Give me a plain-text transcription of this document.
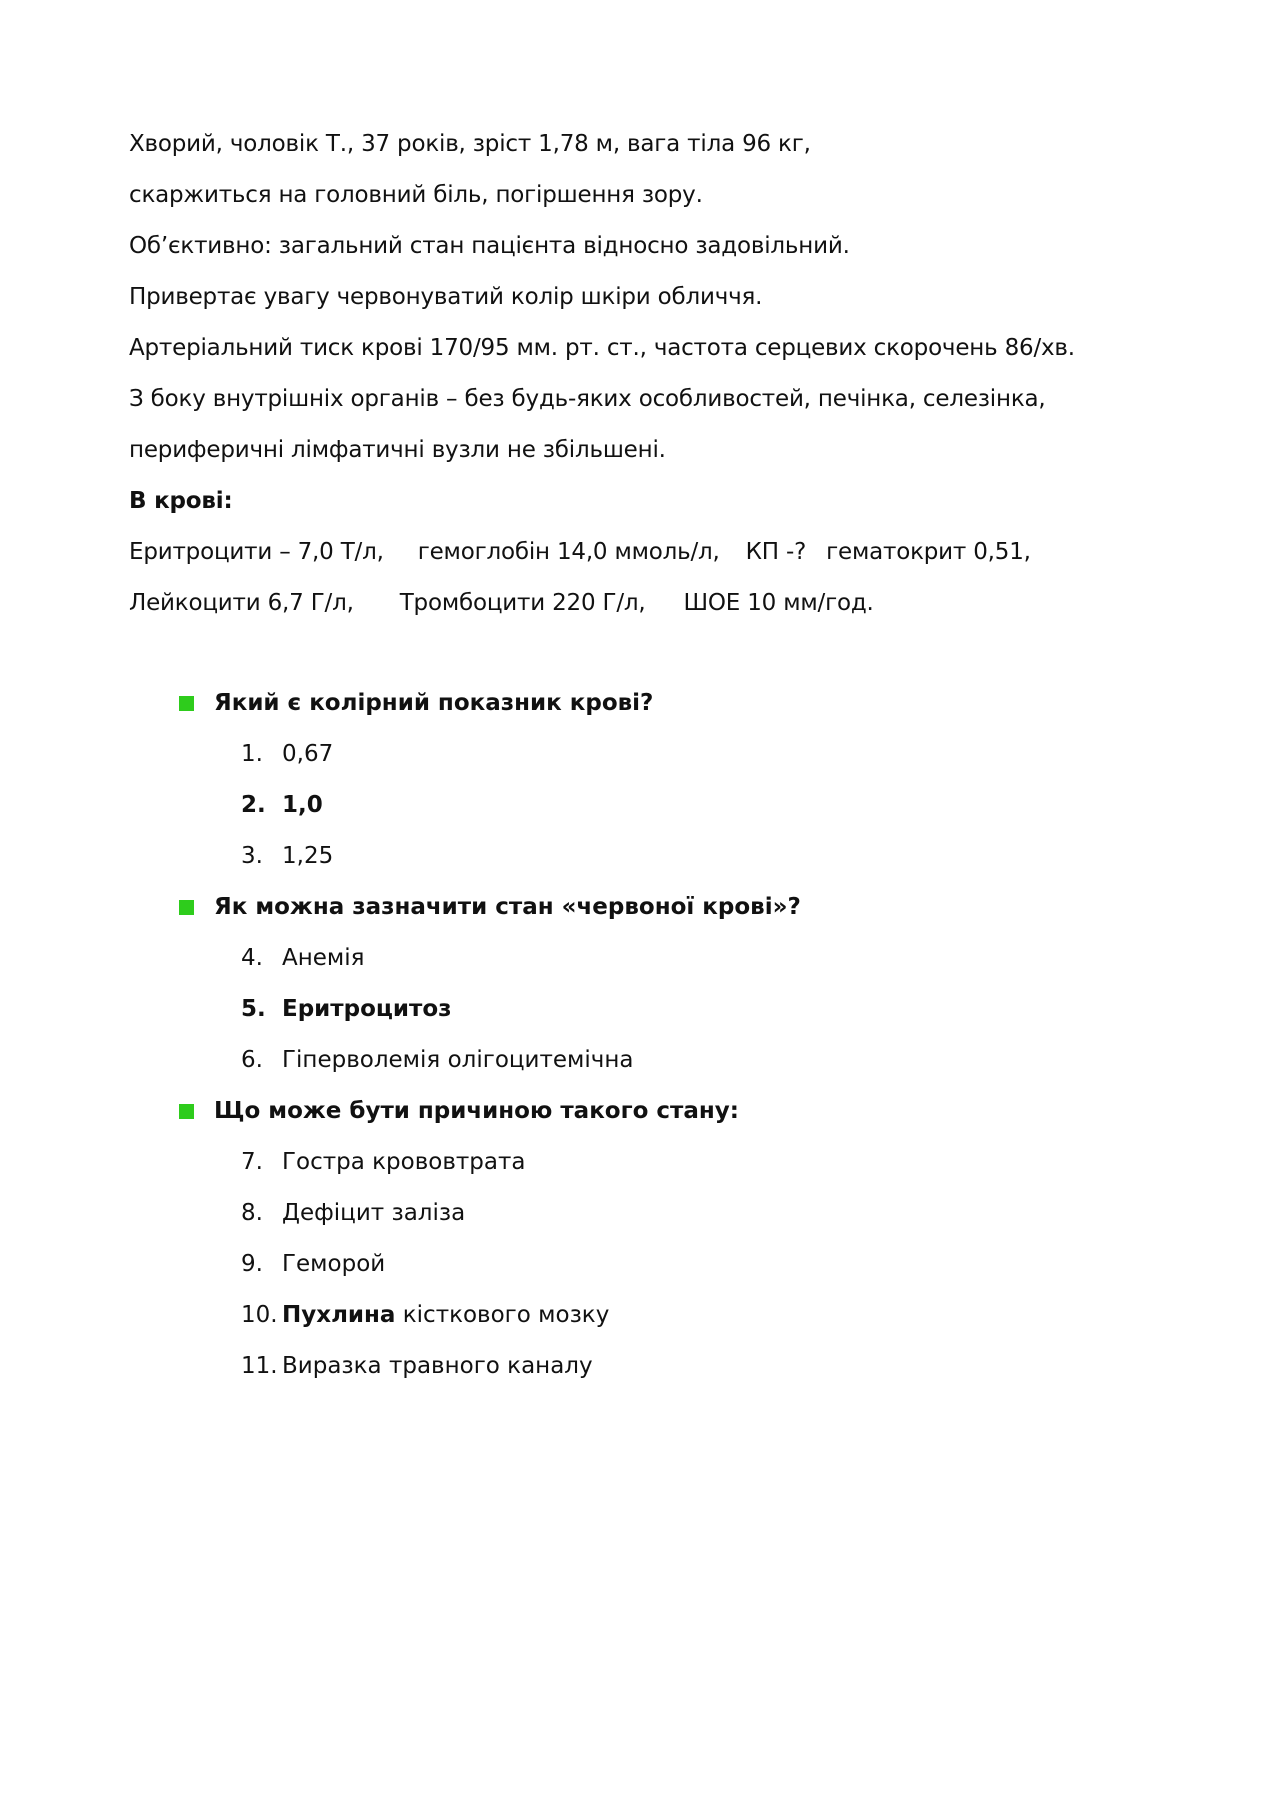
Хворий, чоловік Т., 37 років, зріст 1,78 м, вага тіла 96 кг,
скаржиться на головний біль, погіршення зору.
Об’єктивно: загальний стан пацієнта відносно задовільний.
Привертає увагу червонуватий колір шкіри обличчя.
Артеріальний тиск крові 170/95 мм. рт. ст., частота серцевих скорочень 86/хв.
З боку внутрішніх органів – без будь-яких особливостей, печінка, селезінка,
периферичні лімфатичні вузли не збільшені.
В крові:
Еритроцити – 7,0 Т/л, гемоглобін 14,0 ммоль/л, КП -? гематокрит 0,51,
Лейкоцити 6,7 Г/л, Тромбоцити 220 Г/л, ШОЕ 10 мм/год.
Який є колірний показник крові?
1. 0,67
2. 1,0
3. 1,25
Як можна зазначити стан «червоної крові»?
4. Анемія
5. Еритроцитоз
6. Гіперволемія олігоцитемічна
Що може бути причиною такого стану:
7. Гостра крововтрата
8. Дефіцит заліза
9. Геморой
10. Пухлина кісткового мозку
11. Виразка травного каналу
